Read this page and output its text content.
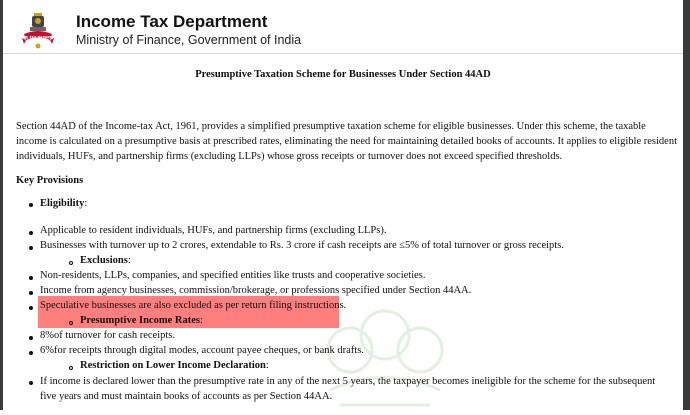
INCOME TAX DEPARTMENT
Income Tax Department
Ministry of Finance, Government of India
Presumptive Taxation Scheme for Businesses Under Section 44AD
Section 44AD of the Income-tax Act, 1961, provides a simplified presumptive taxation scheme for eligible businesses. Under this scheme, the taxable income is calculated on a presumptive basis at prescribed rates, eliminating the need for maintaining detailed books of accounts. It applies to eligible resident individuals, HUFs, and partnership firms (excluding LLPs) whose gross receipts or turnover does not exceed specified thresholds.
Key Provisions
Eligibility:
Applicable to resident individuals, HUFs, and partnership firms (excluding LLPs).
Businesses with turnover up to 2 crores, extendable to Rs. 3 crore if cash receipts are ≤5% of total turnover or gross receipts.
Exclusions:
Non-residents, LLPs, companies, and specified entities like trusts and cooperative societies.
Income from agency businesses, commission/brokerage, or professions specified under Section 44AA.
Speculative businesses are also excluded as per return filing instructions.
Presumptive Income Rates:
8%of turnover for cash receipts.
6%for receipts through digital modes, account payee cheques, or bank drafts.
Restriction on Lower Income Declaration:
If income is declared lower than the presumptive rate in any of the next 5 years, the taxpayer becomes ineligible for the scheme for the subsequent five years and must maintain books of accounts as per Section 44AA.
